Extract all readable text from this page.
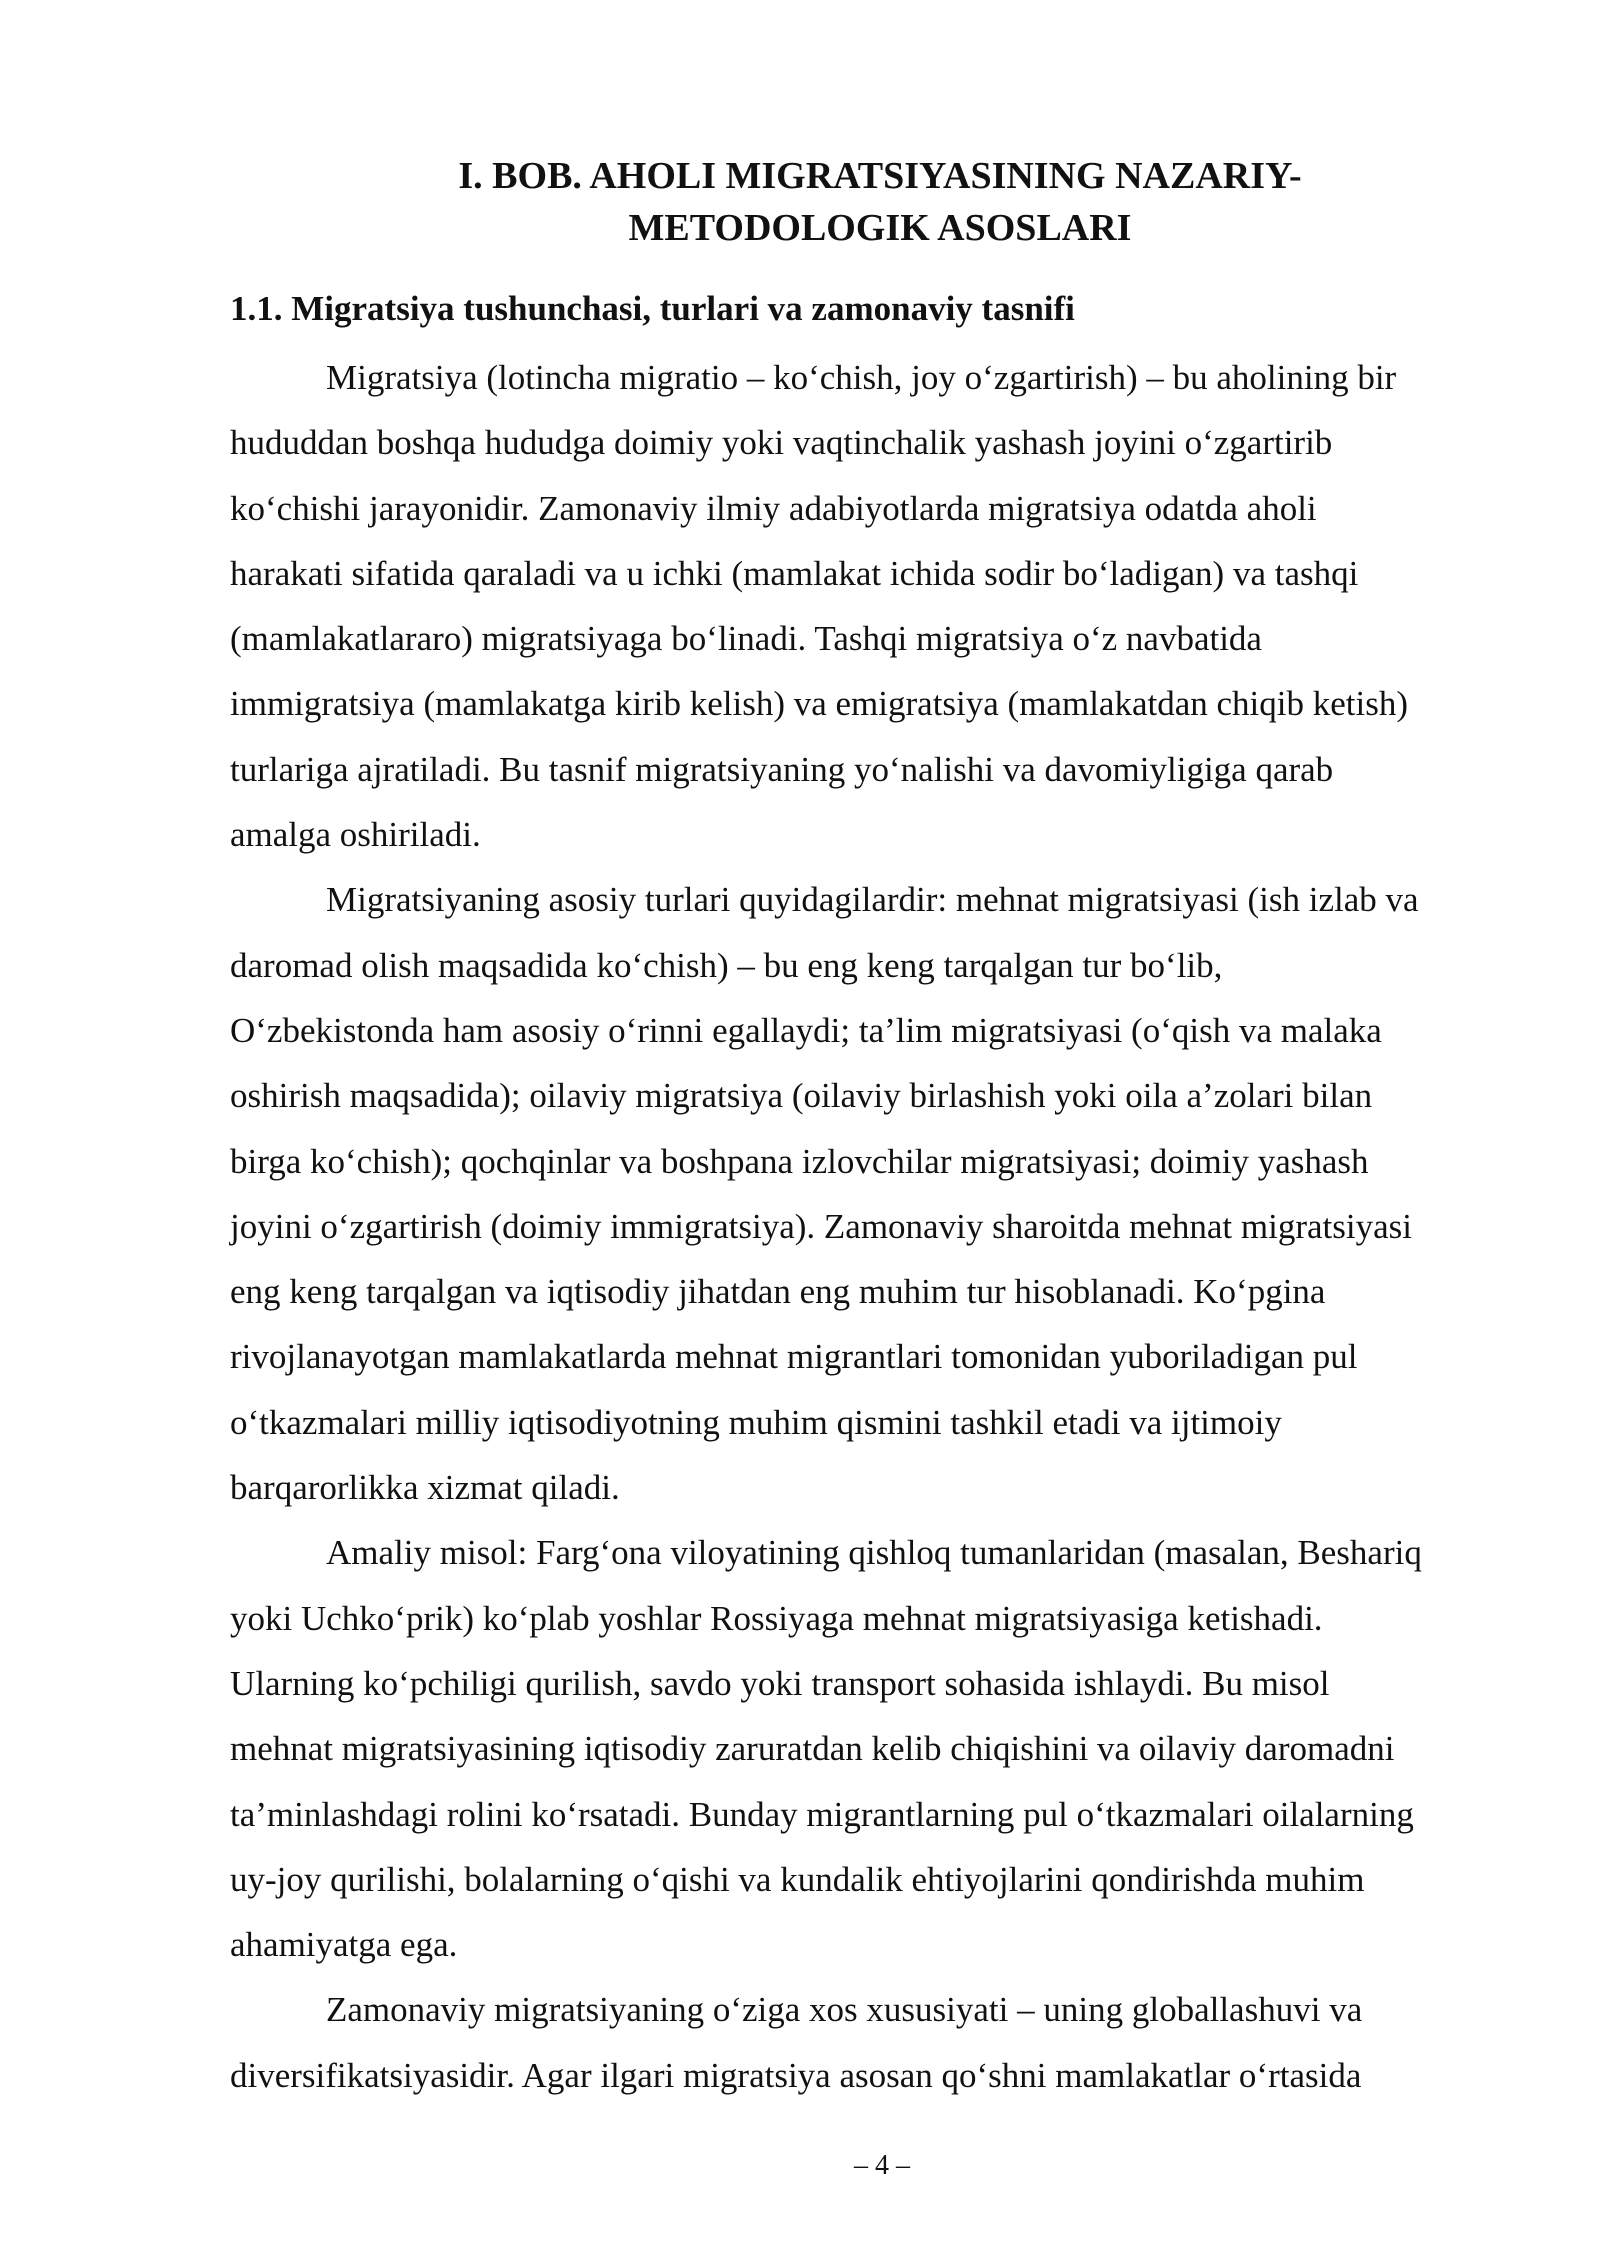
I. BOB. AHOLI MIGRATSIYASINING NAZARIY-
METODOLOGIK ASOSLARI
1.1. Migratsiya tushunchasi, turlari va zamonaviy tasnifi
Migratsiya (lotincha migratio – ko‘chish, joy o‘zgartirish) – bu aholining bir
hududdan boshqa hududga doimiy yoki vaqtinchalik yashash joyini o‘zgartirib
ko‘chishi jarayonidir. Zamonaviy ilmiy adabiyotlarda migratsiya odatda aholi
harakati sifatida qaraladi va u ichki (mamlakat ichida sodir bo‘ladigan) va tashqi
(mamlakatlararo) migratsiyaga bo‘linadi. Tashqi migratsiya o‘z navbatida
immigratsiya (mamlakatga kirib kelish) va emigratsiya (mamlakatdan chiqib ketish)
turlariga ajratiladi. Bu tasnif migratsiyaning yo‘nalishi va davomiyligiga qarab
amalga oshiriladi.
Migratsiyaning asosiy turlari quyidagilardir: mehnat migratsiyasi (ish izlab va
daromad olish maqsadida ko‘chish) – bu eng keng tarqalgan tur bo‘lib,
O‘zbekistonda ham asosiy o‘rinni egallaydi; ta’lim migratsiyasi (o‘qish va malaka
oshirish maqsadida); oilaviy migratsiya (oilaviy birlashish yoki oila a’zolari bilan
birga ko‘chish); qochqinlar va boshpana izlovchilar migratsiyasi; doimiy yashash
joyini o‘zgartirish (doimiy immigratsiya). Zamonaviy sharoitda mehnat migratsiyasi
eng keng tarqalgan va iqtisodiy jihatdan eng muhim tur hisoblanadi. Ko‘pgina
rivojlanayotgan mamlakatlarda mehnat migrantlari tomonidan yuboriladigan pul
o‘tkazmalari milliy iqtisodiyotning muhim qismini tashkil etadi va ijtimoiy
barqarorlikka xizmat qiladi.
Amaliy misol: Farg‘ona viloyatining qishloq tumanlaridan (masalan, Beshariq
yoki Uchko‘prik) ko‘plab yoshlar Rossiyaga mehnat migratsiyasiga ketishadi.
Ularning ko‘pchiligi qurilish, savdo yoki transport sohasida ishlaydi. Bu misol
mehnat migratsiyasining iqtisodiy zaruratdan kelib chiqishini va oilaviy daromadni
ta’minlashdagi rolini ko‘rsatadi. Bunday migrantlarning pul o‘tkazmalari oilalarning
uy-joy qurilishi, bolalarning o‘qishi va kundalik ehtiyojlarini qondirishda muhim
ahamiyatga ega.
Zamonaviy migratsiyaning o‘ziga xos xususiyati – uning globallashuvi va
diversifikatsiyasidir. Agar ilgari migratsiya asosan qo‘shni mamlakatlar o‘rtasida
– 4 –
